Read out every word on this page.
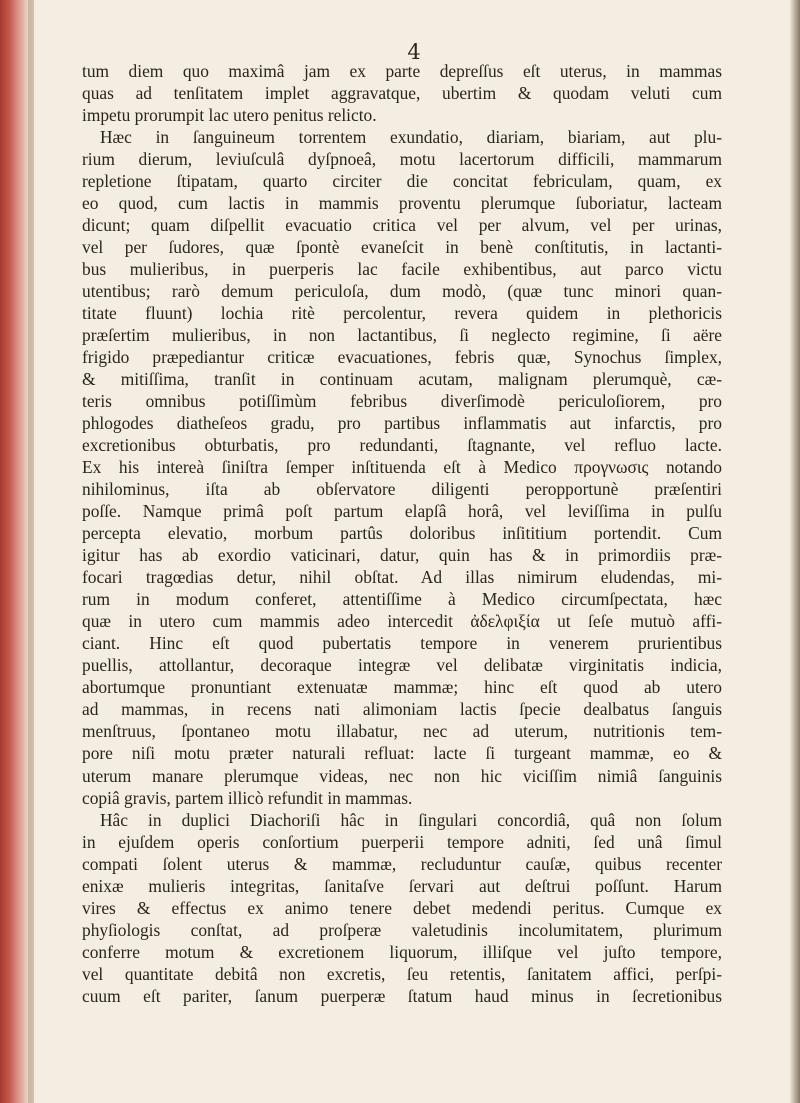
4
tum diem quo maximâ jam ex parte depreſſus eſt uterus, in mammas
quas ad tenſitatem implet aggravatque, ubertim & quodam veluti cum
impetu prorumpit lac utero penitus relicto.
Hæc in ſanguineum torrentem exundatio, diariam, biariam, aut plu-
rium dierum, leviuſculâ dyſpnoeâ, motu lacertorum difficili, mammarum
repletione ſtipatam, quarto circiter die concitat febriculam, quam, ex
eo quod, cum lactis in mammis proventu plerumque ſuboriatur, lacteam
dicunt; quam diſpellit evacuatio critica vel per alvum, vel per urinas,
vel per ſudores, quæ ſpontè evaneſcit in benè conſtitutis, in lactanti-
bus mulieribus, in puerperis lac facile exhibentibus, aut parco victu
utentibus; rarò demum periculoſa, dum modò, (quæ tunc minori quan-
titate fluunt) lochia ritè percolentur, revera quidem in plethoricis
præſertim mulieribus, in non lactantibus, ſi neglecto regimine, ſi aëre
frigido præpediantur criticæ evacuationes, febris quæ, Synochus ſimplex,
& mitiſſima, tranſit in continuam acutam, malignam plerumquè, cæ-
teris omnibus potiſſimùm febribus diverſimodè periculoſiorem, pro
phlogodes diatheſeos gradu, pro partibus inflammatis aut infarctis, pro
excretionibus obturbatis, pro redundanti, ſtagnante, vel refluo lacte.
Ex his intereà ſiniſtra ſemper inſtituenda eſt à Medico προγνωσις notando
nihilominus, iſta ab obſervatore diligenti peropportunè præſentiri
poſſe. Namque primâ poſt partum elapſâ horâ, vel leviſſima in pulſu
percepta elevatio, morbum partûs doloribus inſititium portendit. Cum
igitur has ab exordio vaticinari, datur, quin has & in primordiis præ-
focari tragœdias detur, nihil obſtat. Ad illas nimirum eludendas, mi-
rum in modum conferet, attentiſſime à Medico circumſpectata, hæc
quæ in utero cum mammis adeo intercedit ἀδελφιξία ut ſeſe mutuò affi-
ciant. Hinc eſt quod pubertatis tempore in venerem prurientibus
puellis, attollantur, decoraque integræ vel delibatæ virginitatis indicia,
abortumque pronuntiant extenuatæ mammæ; hinc eſt quod ab utero
ad mammas, in recens nati alimoniam lactis ſpecie dealbatus ſanguis
menſtruus, ſpontaneo motu illabatur, nec ad uterum, nutritionis tem-
pore niſi motu præter naturali refluat: lacte ſi turgeant mammæ, eo &
uterum manare plerumque videas, nec non hic viciſſim nimiâ ſanguinis
copiâ gravis, partem illicò refundit in mammas.
Hâc in duplici Diachoriſi hâc in ſingulari concordiâ, quâ non ſolum
in ejuſdem operis conſortium puerperii tempore adniti, ſed unâ ſimul
compati ſolent uterus & mammæ, recluduntur cauſæ, quibus recenter
enixæ mulieris integritas, ſanitaſve ſervari aut deſtrui poſſunt. Harum
vires & effectus ex animo tenere debet medendi peritus. Cumque ex
phyſiologis conſtat, ad proſperæ valetudinis incolumitatem, plurimum
conferre motum & excretionem liquorum, illiſque vel juſto tempore,
vel quantitate debitâ non excretis, ſeu retentis, ſanitatem affici, perſpi-
cuum eſt pariter, ſanum puerperæ ſtatum haud minus in ſecretionibus
